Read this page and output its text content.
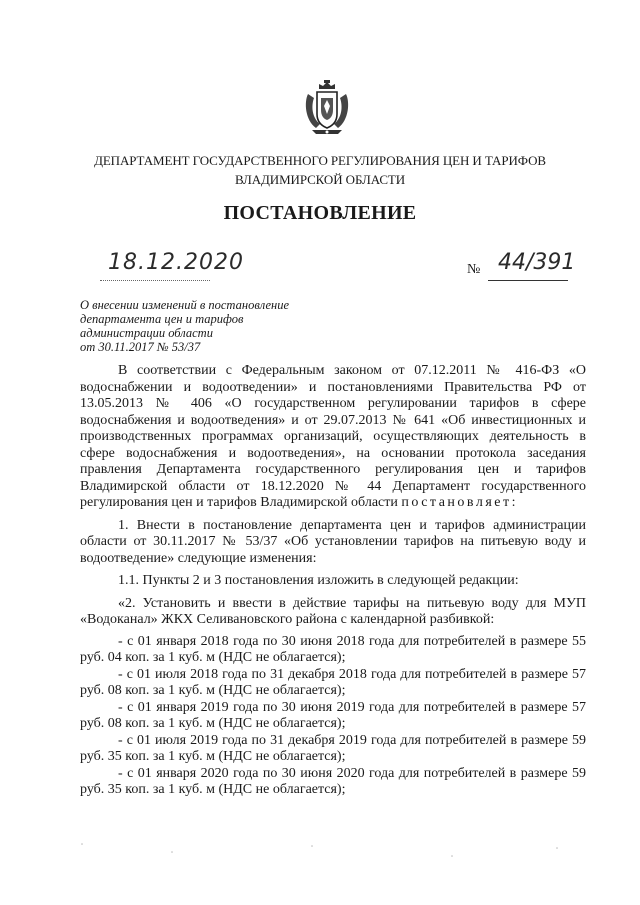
ДЕПАРТАМЕНТ ГОСУДАРСТВЕННОГО РЕГУЛИРОВАНИЯ ЦЕН И ТАРИФОВ
ВЛАДИМИРСКОЙ ОБЛАСТИ
ПОСТАНОВЛЕНИЕ
18.12.2020	№ 44/391
О внесении изменений в постановление
департамента цен и тарифов
администрации области
от 30.11.2017 № 53/37

В соответствии с Федеральным законом от 07.12.2011 № 416-ФЗ «О водоснабжении и водоотведении» и постановлениями Правительства РФ от 13.05.2013 № 406 «О государственном регулировании тарифов в сфере водоснабжения и водоотведения» и от 29.07.2013 № 641 «Об инвестиционных и производственных программах организаций, осуществляющих деятельность в сфере водоснабжения и водоотведения», на основании протокола заседания правления Департамента государственного регулирования цен и тарифов Владимирской области от 18.12.2020 № 44 Департамент государственного регулирования цен и тарифов Владимирской области постановляет:

1. Внести в постановление департамента цен и тарифов администрации области от 30.11.2017 № 53/37 «Об установлении тарифов на питьевую воду и водоотведение» следующие изменения:

1.1. Пункты 2 и 3 постановления изложить в следующей редакции:

«2. Установить и ввести в действие тарифы на питьевую воду для МУП «Водоканал» ЖКХ Селивановского района с календарной разбивкой:

- с 01 января 2018 года по 30 июня 2018 года для потребителей в размере 55 руб. 04 коп. за 1 куб. м (НДС не облагается);

- с 01 июля 2018 года по 31 декабря 2018 года для потребителей в размере 57 руб. 08 коп. за 1 куб. м (НДС не облагается);

- с 01 января 2019 года по 30 июня 2019 года для потребителей в размере 57 руб. 08 коп. за 1 куб. м (НДС не облагается);

- с 01 июля 2019 года по 31 декабря 2019 года для потребителей в размере 59 руб. 35 коп. за 1 куб. м (НДС не облагается);

- с 01 января 2020 года по 30 июня 2020 года для потребителей в размере 59 руб. 35 коп. за 1 куб. м (НДС не облагается);
